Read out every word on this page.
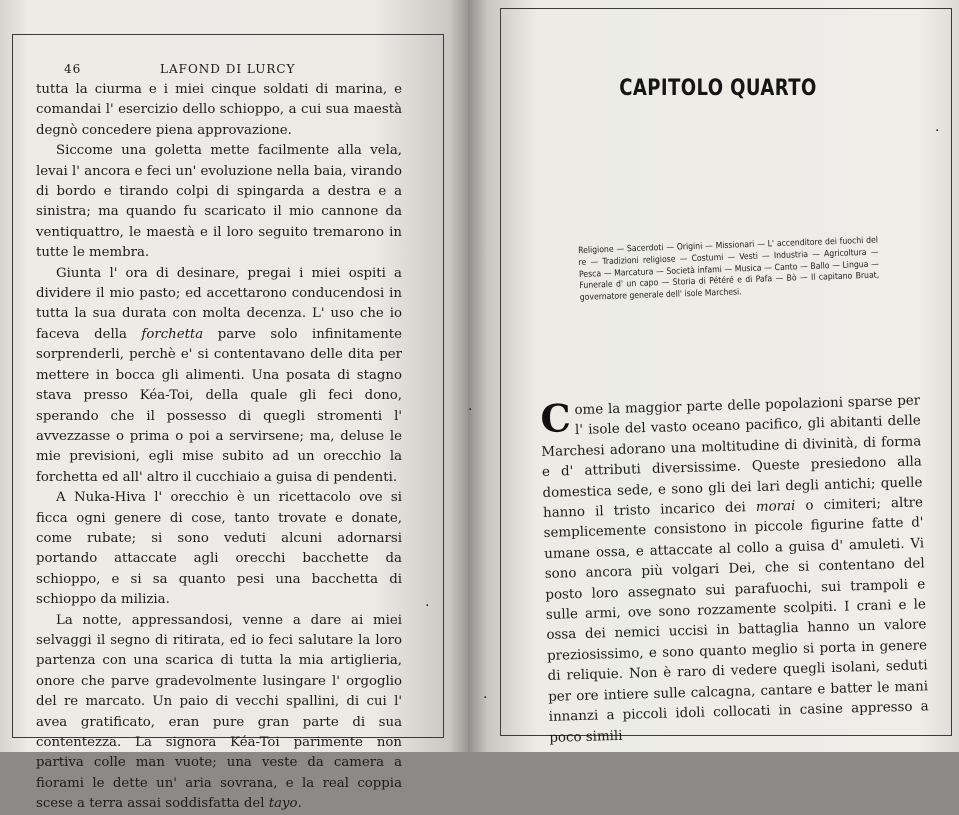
46	LAFOND DI LURCY

tutta la ciurma e i miei cinque soldati di marina, e comandai l' esercizio dello schioppo, a cui sua maestà degnò concedere piena approvazione.

Siccome una goletta mette facilmente alla vela, levai l' ancora e feci un' evoluzione nella baia, virando di bordo e tirando colpi di spingarda a destra e a sinistra; ma quando fu scaricato il mio cannone da ventiquattro, le maestà e il loro seguito tremarono in tutte le membra.

Giunta l' ora di desinare, pregai i miei ospiti a dividere il mio pasto; ed accettarono conducendosi in tutta la sua durata con molta decenza. L' uso che io faceva della forchetta parve solo infinitamente sorprenderli, perchè e' si contentavano delle dita per mettere in bocca gli alimenti. Una posata di stagno stava presso Kéa-Toi, della quale gli feci dono, sperando che il possesso di quegli stromenti l' avvezzasse o prima o poi a servirsene; ma, deluse le mie previsioni, egli mise subito ad un orecchio la forchetta ed all' altro il cucchiaio a guisa di pendenti.

A Nuka-Hiva l' orecchio è un ricettacolo ove si ficca ogni genere di cose, tanto trovate e donate, come rubate; si sono veduti alcuni adornarsi portando attaccate agli orecchi bacchette da schioppo, e si sa quanto pesi una bacchetta di schioppo da milizia.

La notte, appressandosi, venne a dare ai miei selvaggi il segno di ritirata, ed io feci salutare la loro partenza con una scarica di tutta la mia artiglieria, onore che parve gradevolmente lusingare l' orgoglio del re marcato. Un paio di vecchi spallini, di cui l' avea gratificato, eran pure gran parte di sua contentezza. La signora Kéa-Toi parimente non partiva colle man vuote; una veste da camera a fiorami le dette un' aria sovrana, e la real coppia scese a terra assai soddisfatta del tayo.

CAPITOLO QUARTO
Religione — Sacerdoti — Origini — Missionari — L' accenditore dei fuochi del re — Tradizioni religiose — Costumi — Vesti — Industria — Agricoltura — Pesca — Marcatura — Società infami — Musica — Canto — Ballo — Lingua — Funerale d' un capo — Storia di Pétéré e di Pafa — Bò — Il capitano Bruat, governatore generale dell' isole Marchesi.

Come la maggior parte delle popolazioni sparse per l' isole del vasto oceano pacifico, gli abitanti delle Marchesi adorano una moltitudine di divinità, di forma e d' attributi diversissime. Queste presiedono alla domestica sede, e sono gli dei lari degli antichi; quelle hanno il tristo incarico dei morai o cimiteri; altre semplicemente consistono in piccole figurine fatte d' umane ossa, e attaccate al collo a guisa d' amuleti. Vi sono ancora più volgari Dei, che si contentano del posto loro assegnato sui parafuochi, sui trampoli e sulle armi, ove sono rozzamente scolpiti. I crani e le ossa dei nemici uccisi in battaglia hanno un valore preziosissimo, e sono quanto meglio si porta in genere di reliquie. Non è raro di vedere quegli isolani, seduti per ore intiere sulle calcagna, cantare e batter le mani innanzi a piccoli idoli collocati in casine appresso a poco simili

·
·
·
·
